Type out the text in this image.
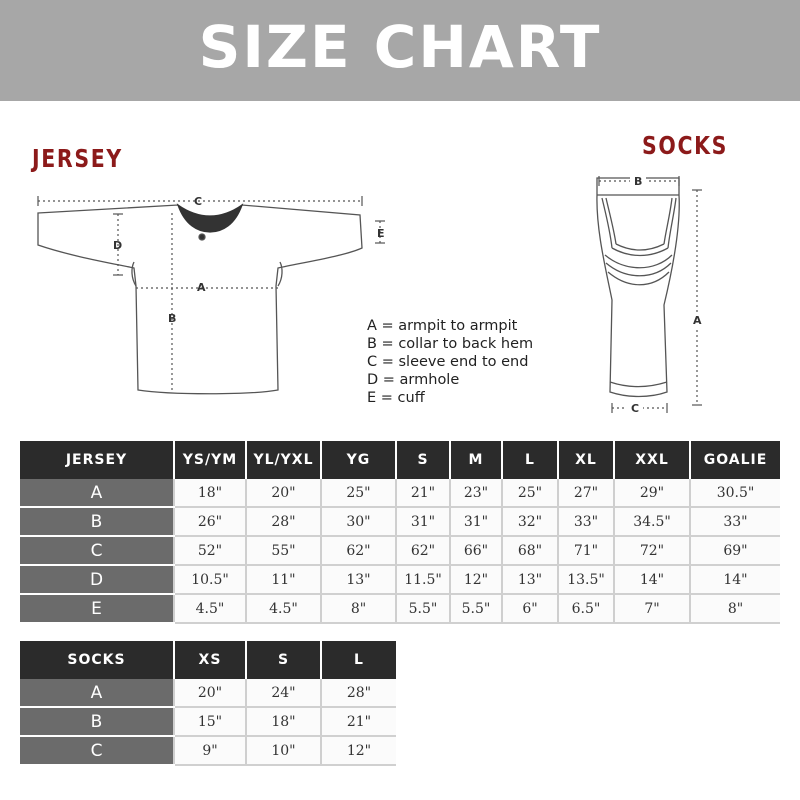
SIZE CHART
JERSEY	SOCKS
C
A
B
D
E
B
C
A
A = armpit to armpit
B = collar to back hem
C = sleeve end to end
D = armhole
E = cuff
JERSEY	YS/YM	YL/YXL	YG	S	M	L	XL	XXL	GOALIE
A	18"	20"	25"	21"	23"	25"	27"	29"	30.5"
B	26"	28"	30"	31"	31"	32"	33"	34.5"	33"
C	52"	55"	62"	62"	66"	68"	71"	72"	69"
D	10.5"	11"	13"	11.5"	12"	13"	13.5"	14"	14"
E	4.5"	4.5"	8"	5.5"	5.5"	6"	6.5"	7"	8"
SOCKS	XS	S	L
A	20"	24"	28"
B	15"	18"	21"
C	9"	10"	12"
